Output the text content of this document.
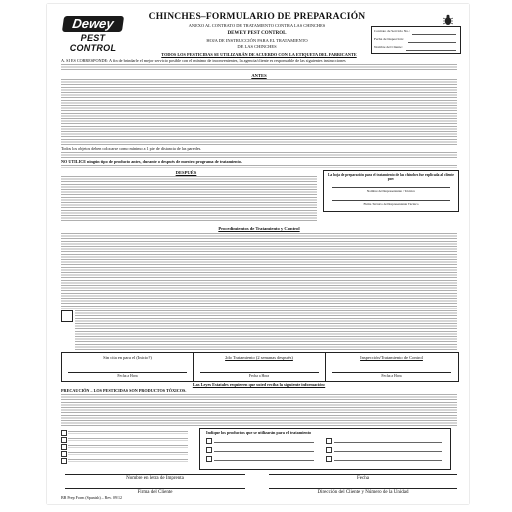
Dewey
PEST CONTROL
CHINCHES–FORMULARIO DE PREPARACIÓN
ANEXO AL CONTRATO DE TRATAMIENTO CONTRA LAS CHINCHES
DEWEY PEST CONTROL
HOJA DE INSTRUCCIÓN PARA EL TRATAMIENTO
DE LAS CHINCHES
Contrato de Servicio No.:
Fecha de Inspección:
Nombre del Cliente:
TODOS LOS PESTICIDAS SE UTILIZARÁN DE ACUERDO CON LA ETIQUETA DEL FABRICANTE
A. SI ES CORRESPONDE: A fin de brindarle el mejor servicio posible con el mínimo de inconvenientes, la agencia/cliente es responsable de las siguientes instrucciones
ANTES
Todos los objetos deben colocarse como mínimo a 1 pie de distancia de las paredes.
NO UTILICE ningún tipo de producto antes, durante o después de nuestro programa de tratamiento.
DESPUÉS	La hoja de preparación para el tratamiento de las chinches fue explicada al cliente por:
Nombre del Representante / Técnico
Firma Técnico del Representante Técnico
Procedimientos de Tratamiento y Control
Sin cita en para el (Inicio?)	2do Tratamiento (2 semanas después)	Inspección/Tratamiento de Control
Fecha a Hora	Fecha a Hora	Fecha a Hora
Las Leyes Estatales requieren que usted reciba la siguiente información:
PRECAUCIÓN – LOS PESTICIDAS SON PRODUCTOS TÓXICOS.
Indique los productos que se utilizarán para el tratamiento
Nombre en letra de Imprenta	Fecha
Firma del Cliente	Dirección del Cliente y Número de la Unidad
BB Prep Form (Spanish) – Rev. 09/12
